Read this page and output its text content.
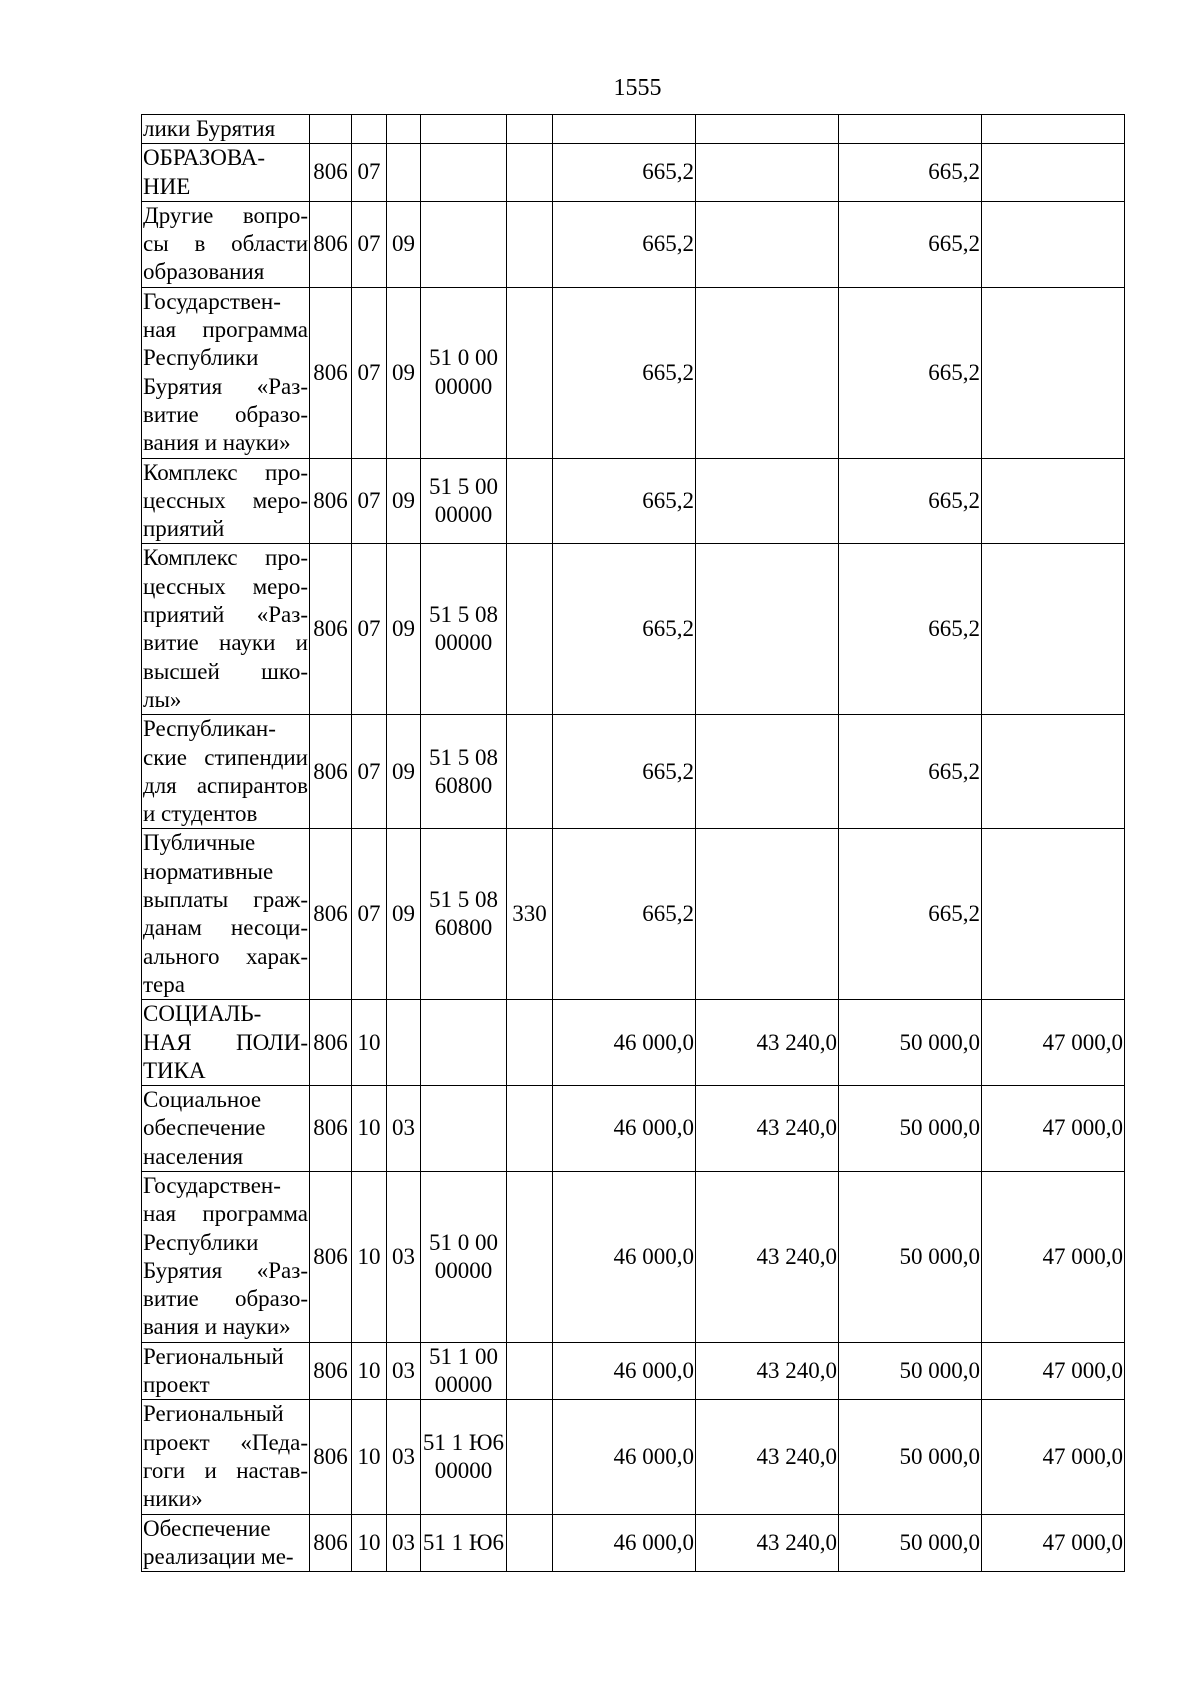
1555
лики Бурятия									
ОБРАЗОВА-НИЕ	806	07				665,2		665,2	
Другие вопро-сы в области образования	806	07	09			665,2		665,2	
Государствен-ная программа Республики Бурятия «Раз-витие образо-вания и науки»	806	07	09	51 0 00 00000		665,2		665,2	
Комплекс про-цессных меро-приятий	806	07	09	51 5 00 00000		665,2		665,2	
Комплекс про-цессных меро-приятий «Раз-витие науки и высшей шко-лы»	806	07	09	51 5 08 00000		665,2		665,2	
Республикан-ские стипендии для аспирантов и студентов	806	07	09	51 5 08 60800		665,2		665,2	
Публичные нормативные выплаты граж-данам несоци-ального харак-тера	806	07	09	51 5 08 60800	330	665,2		665,2	
СОЦИАЛЬ-НАЯ ПОЛИ-ТИКА	806	10				46 000,0	43 240,0	50 000,0	47 000,0
Социальное обеспечение населения	806	10	03			46 000,0	43 240,0	50 000,0	47 000,0
Государствен-ная программа Республики Бурятия «Раз-витие образо-вания и науки»	806	10	03	51 0 00 00000		46 000,0	43 240,0	50 000,0	47 000,0
Региональный проект	806	10	03	51 1 00 00000		46 000,0	43 240,0	50 000,0	47 000,0
Региональный проект «Педа-гоги и настав-ники»	806	10	03	51 1 Ю6 00000		46 000,0	43 240,0	50 000,0	47 000,0
Обеспечение реализации ме-	806	10	03	51 1 Ю6		46 000,0	43 240,0	50 000,0	47 000,0
